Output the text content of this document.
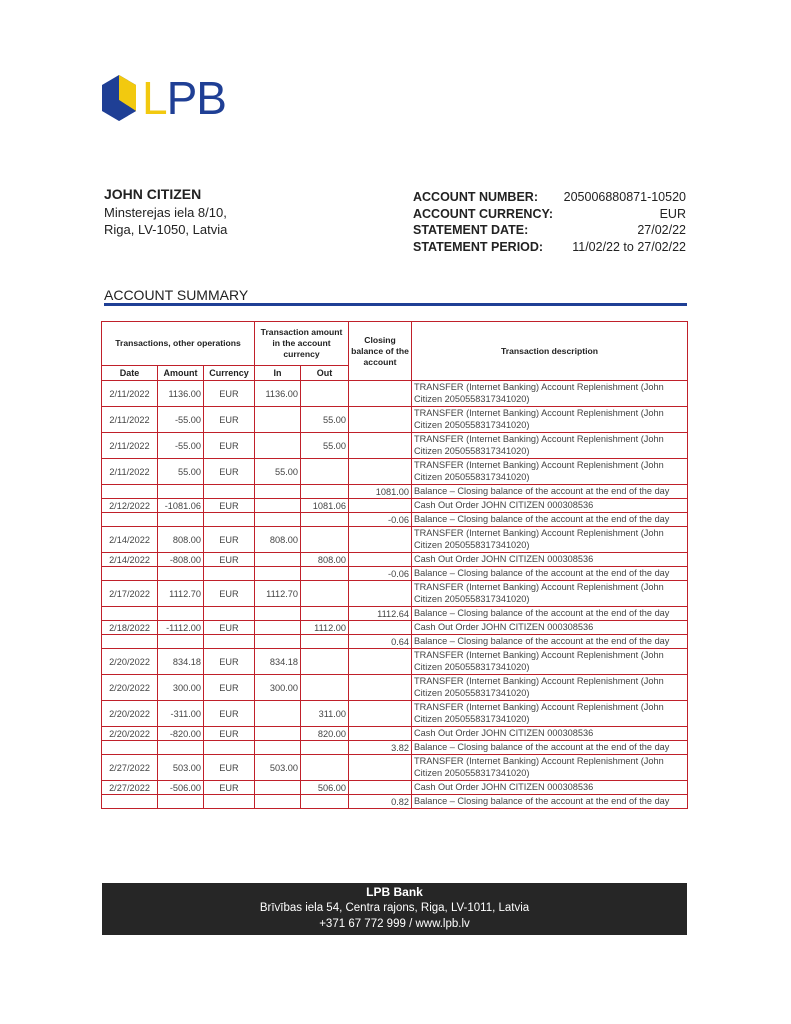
LPB
JOHN CITIZEN
Minsterejas iela 8/10,
Riga, LV-1050, Latvia
ACCOUNT NUMBER: 205006880871-10520
ACCOUNT CURRENCY:	EUR
STATEMENT DATE:	27/02/22
STATEMENT PERIOD: 11/02/22 to 27/02/22
ACCOUNT SUMMARY
Transactions, other operations			Transaction amount in the account currency		Closing balance of the account	Transaction description
Date	Amount	Currency	In	Out		
2/11/2022	1136.00	EUR	1136.00			TRANSFER (Internet Banking) Account Replenishment (John Citizen 2050558317341020)
2/11/2022	-55.00	EUR		55.00		TRANSFER (Internet Banking) Account Replenishment (John Citizen 2050558317341020)
2/11/2022	-55.00	EUR		55.00		TRANSFER (Internet Banking) Account Replenishment (John Citizen 2050558317341020)
2/11/2022	55.00	EUR	55.00			TRANSFER (Internet Banking) Account Replenishment (John Citizen 2050558317341020)
					1081.00	Balance – Closing balance of the account at the end of the day
2/12/2022	-1081.06	EUR		1081.06		Cash Out Order JOHN CITIZEN 000308536
					-0.06	Balance – Closing balance of the account at the end of the day
2/14/2022	808.00	EUR	808.00			TRANSFER (Internet Banking) Account Replenishment (John Citizen 2050558317341020)
2/14/2022	-808.00	EUR		808.00		Cash Out Order JOHN CITIZEN 000308536
					-0.06	Balance – Closing balance of the account at the end of the day
2/17/2022	1112.70	EUR	1112.70			TRANSFER (Internet Banking) Account Replenishment (John Citizen 2050558317341020)
					1112.64	Balance – Closing balance of the account at the end of the day
2/18/2022	-1112.00	EUR		1112.00		Cash Out Order JOHN CITIZEN 000308536
					0.64	Balance – Closing balance of the account at the end of the day
2/20/2022	834.18	EUR	834.18			TRANSFER (Internet Banking) Account Replenishment (John Citizen 2050558317341020)
2/20/2022	300.00	EUR	300.00			TRANSFER (Internet Banking) Account Replenishment (John Citizen 2050558317341020)
2/20/2022	-311.00	EUR		311.00		TRANSFER (Internet Banking) Account Replenishment (John Citizen 2050558317341020)
2/20/2022	-820.00	EUR		820.00		Cash Out Order JOHN CITIZEN 000308536
					3.82	Balance – Closing balance of the account at the end of the day
2/27/2022	503.00	EUR	503.00			TRANSFER (Internet Banking) Account Replenishment (John Citizen 2050558317341020)
2/27/2022	-506.00	EUR		506.00		Cash Out Order JOHN CITIZEN 000308536
					0.82	Balance – Closing balance of the account at the end of the day
LPB Bank
Brīvības iela 54, Centra rajons, Riga, LV-1011, Latvia
+371 67 772 999 / www.lpb.lv
